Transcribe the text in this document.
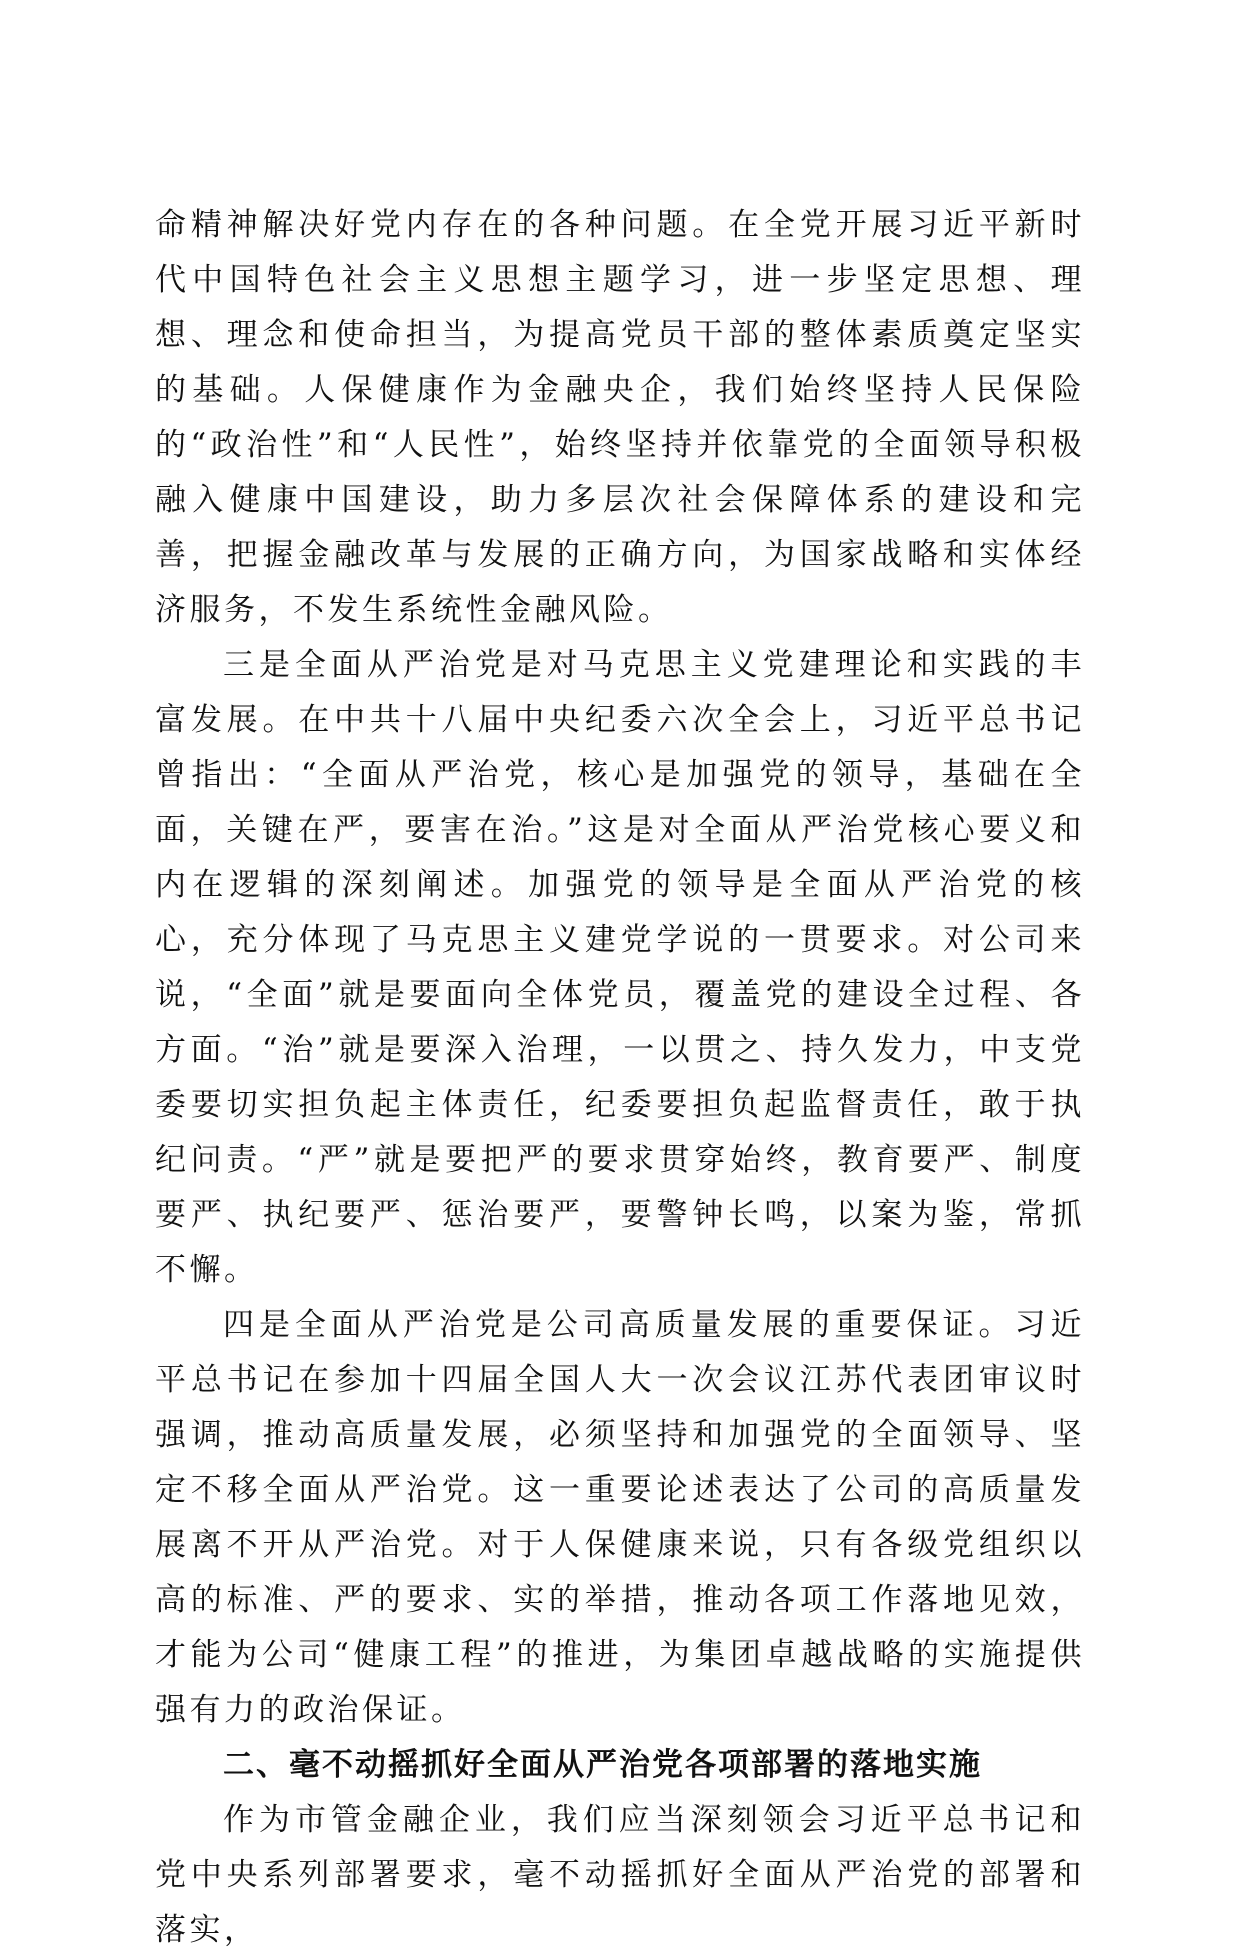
命精神解决好党内存在的各种问题。在全党开展习近平新时代中国特色社会主义思想主题学习，进一步坚定思想、理想、理念和使命担当，为提高党员干部的整体素质奠定坚实的基础。人保健康作为金融央企，我们始终坚持人民保险的“政治性”和“人民性”，始终坚持并依靠党的全面领导积极融入健康中国建设，助力多层次社会保障体系的建设和完善，把握金融改革与发展的正确方向，为国家战略和实体经济服务，不发生系统性金融风险。

三是全面从严治党是对马克思主义党建理论和实践的丰富发展。在中共十八届中央纪委六次全会上，习近平总书记曾指出：“全面从严治党，核心是加强党的领导，基础在全面，关键在严，要害在治。”这是对全面从严治党核心要义和内在逻辑的深刻阐述。加强党的领导是全面从严治党的核心，充分体现了马克思主义建党学说的一贯要求。对公司来说，“全面”就是要面向全体党员，覆盖党的建设全过程、各方面。“治”就是要深入治理，一以贯之、持久发力，中支党委要切实担负起主体责任，纪委要担负起监督责任，敢于执纪问责。“严”就是要把严的要求贯穿始终，教育要严、制度要严、执纪要严、惩治要严，要警钟长鸣，以案为鉴，常抓不懈。

四是全面从严治党是公司高质量发展的重要保证。习近平总书记在参加十四届全国人大一次会议江苏代表团审议时强调，推动高质量发展，必须坚持和加强党的全面领导、坚定不移全面从严治党。这一重要论述表达了公司的高质量发展离不开从严治党。对于人保健康来说，只有各级党组织以高的标准、严的要求、实的举措，推动各项工作落地见效，才能为公司“健康工程”的推进，为集团卓越战略的实施提供强有力的政治保证。

二、毫不动摇抓好全面从严治党各项部署的落地实施

作为市管金融企业，我们应当深刻领会习近平总书记和党中央系列部署要求，毫不动摇抓好全面从严治党的部署和落实，
